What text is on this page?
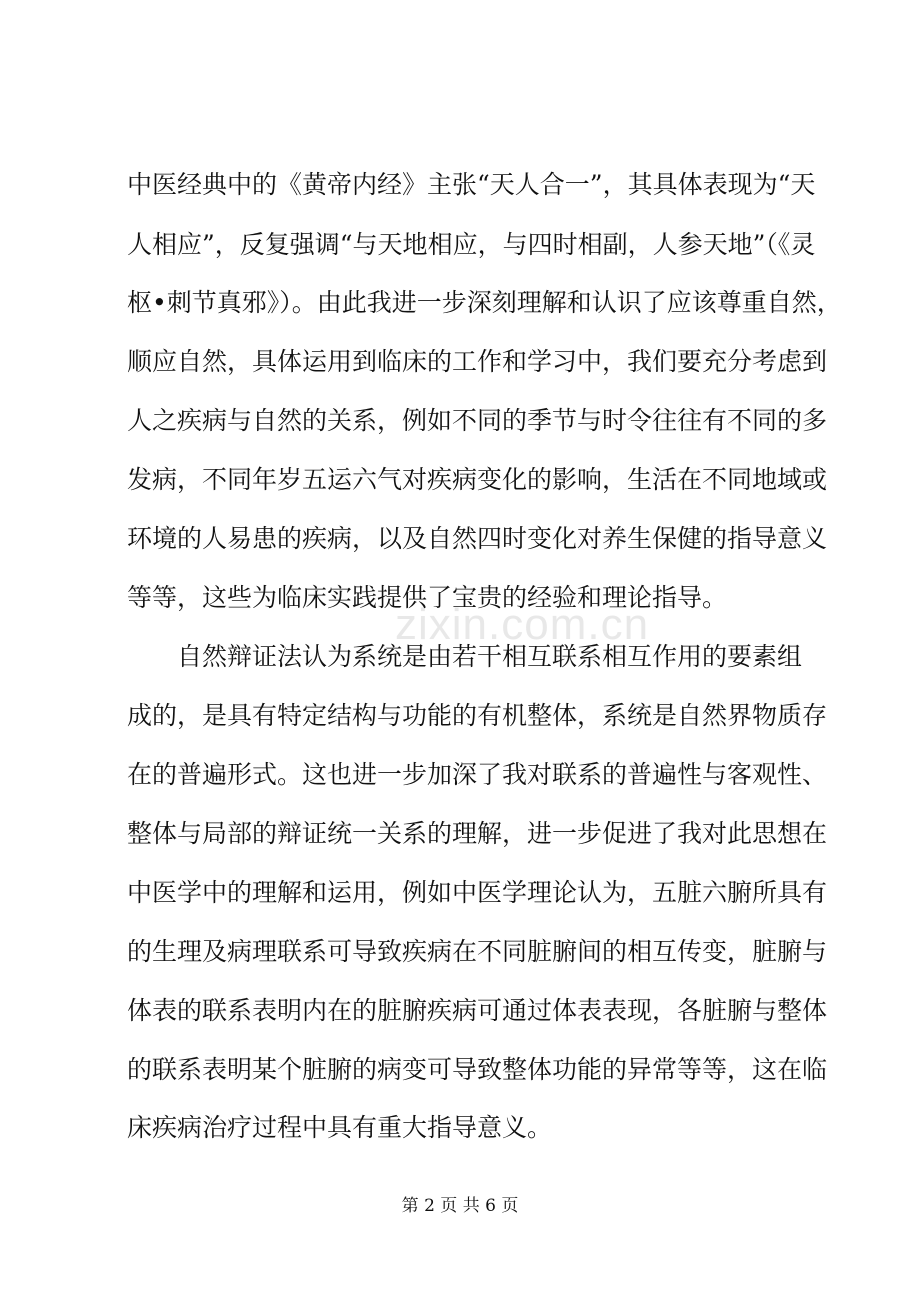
zixin.com.cn
中医经典中的《黄帝内经》主张“天人合一”，其具体表现为“天
人相应”，反复强调“与天地相应，与四时相副，人参天地”（《灵
枢•刺节真邪》）。由此我进一步深刻理解和认识了应该尊重自然，
顺应自然，具体运用到临床的工作和学习中，我们要充分考虑到
人之疾病与自然的关系，例如不同的季节与时令往往有不同的多
发病，不同年岁五运六气对疾病变化的影响，生活在不同地域或
环境的人易患的疾病，以及自然四时变化对养生保健的指导意义
等等，这些为临床实践提供了宝贵的经验和理论指导。
　　自然辩证法认为系统是由若干相互联系相互作用的要素组
成的，是具有特定结构与功能的有机整体，系统是自然界物质存
在的普遍形式。这也进一步加深了我对联系的普遍性与客观性、
整体与局部的辩证统一关系的理解，进一步促进了我对此思想在
中医学中的理解和运用，例如中医学理论认为，五脏六腑所具有
的生理及病理联系可导致疾病在不同脏腑间的相互传变，脏腑与
体表的联系表明内在的脏腑疾病可通过体表表现，各脏腑与整体
的联系表明某个脏腑的病变可导致整体功能的异常等等，这在临
床疾病治疗过程中具有重大指导意义。
第 2 页 共 6 页
